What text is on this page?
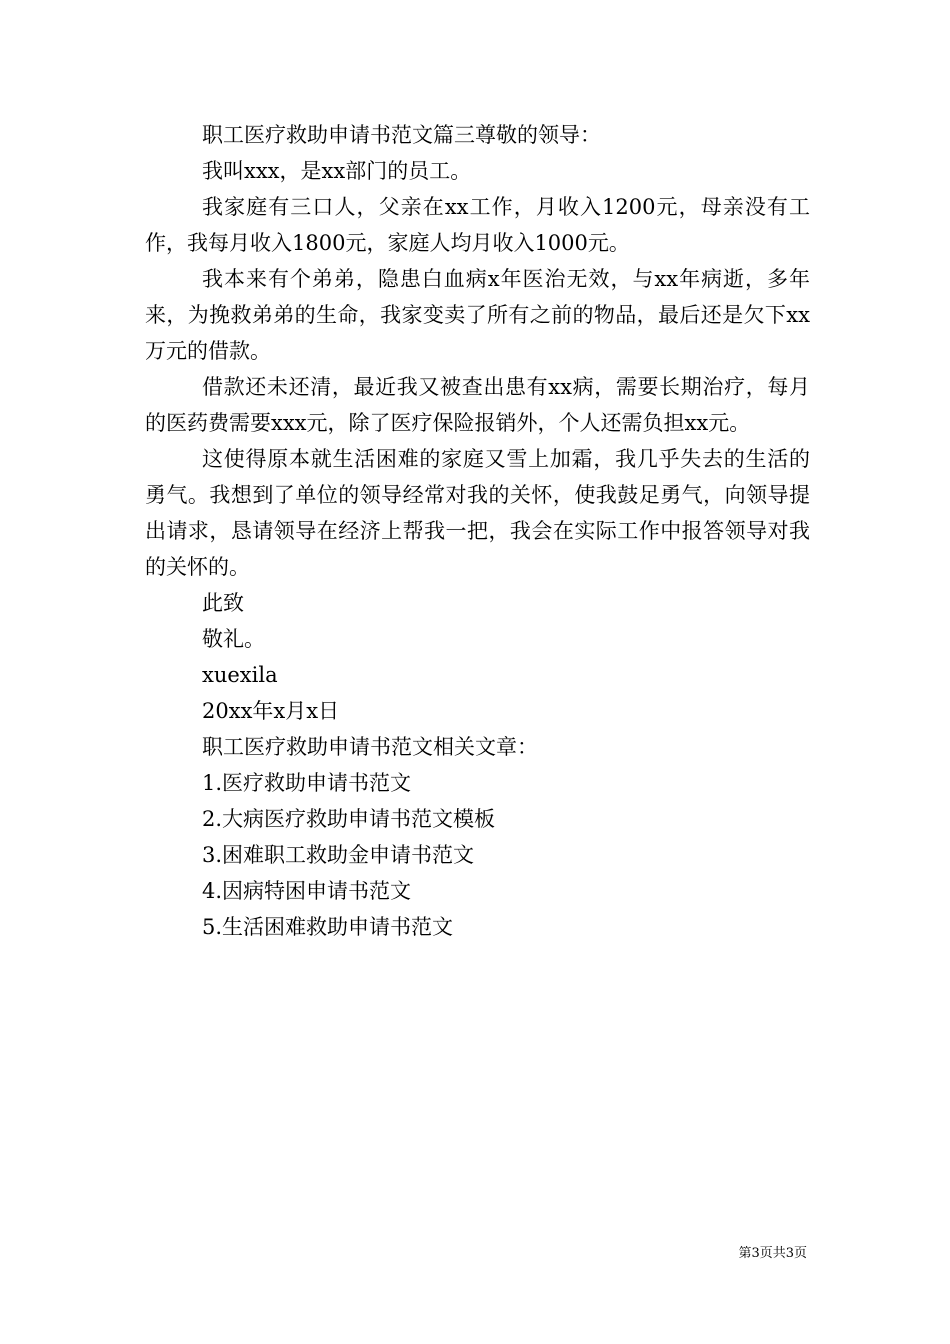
职工医疗救助申请书范文篇三尊敬的领导：

我叫xxx，是xx部门的员工。

我家庭有三口人，父亲在xx工作，月收入1200元，母亲没有工作，我每月收入1800元，家庭人均月收入1000元。

我本来有个弟弟，隐患白血病x年医治无效，与xx年病逝，多年来，为挽救弟弟的生命，我家变卖了所有之前的物品，最后还是欠下xx万元的借款。

借款还未还清，最近我又被查出患有xx病，需要长期治疗，每月的医药费需要xxx元，除了医疗保险报销外，个人还需负担xx元。

这使得原本就生活困难的家庭又雪上加霜，我几乎失去的生活的勇气。我想到了单位的领导经常对我的关怀，使我鼓足勇气，向领导提出请求，恳请领导在经济上帮我一把，我会在实际工作中报答领导对我的关怀的。

此致

敬礼。

xuexila

20xx年x月x日

职工医疗救助申请书范文相关文章：

1.医疗救助申请书范文
2.大病医疗救助申请书范文模板
3.困难职工救助金申请书范文
4.因病特困申请书范文
5.生活困难救助申请书范文
第3页共3页
